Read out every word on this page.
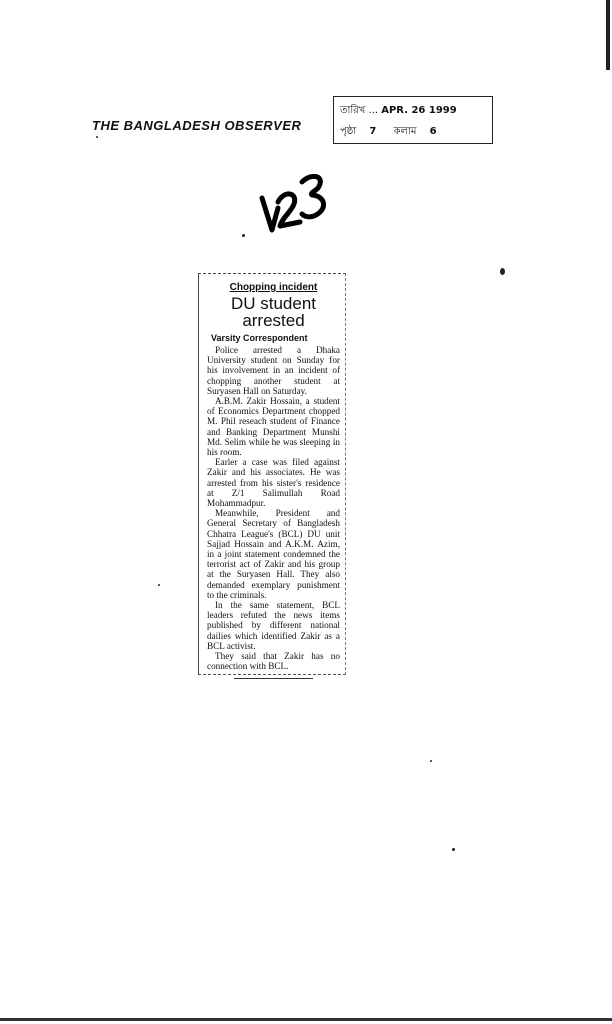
THE BANGLADESH OBSERVER
তারিখ ... APR. 26 1999
পৃষ্ঠা 7 কলাম 6
Chopping incident
DU student
arrested
Varsity Correspondent

Police arrested a Dhaka University student on Sunday for his involvement in an incident of chopping another student at Suryasen Hall on Saturday.

A.B.M. Zakir Hossain, a student of Economics Department chopped M. Phil reseach student of Finance and Banking Department Munshi Md. Selim while he was sleeping in his room.

Earler a case was filed against Zakir and his associates. He was arrested from his sister's residence at Z/1 Salimullah Road Mohammadpur.

Meanwhile, President and General Secretary of Bangladesh Chhatra League's (BCL) DU unit Sajjad Hossain and A.K.M. Azim, in a joint statement condemned the terrorist act of Zakir and his group at the Suryasen Hall. They also demanded exemplary punishment to the criminals.

In the same statement, BCL leaders refuted the news items published by different national dailies which identified Zakir as a BCL activist.

They said that Zakir has no connection with BCL.
